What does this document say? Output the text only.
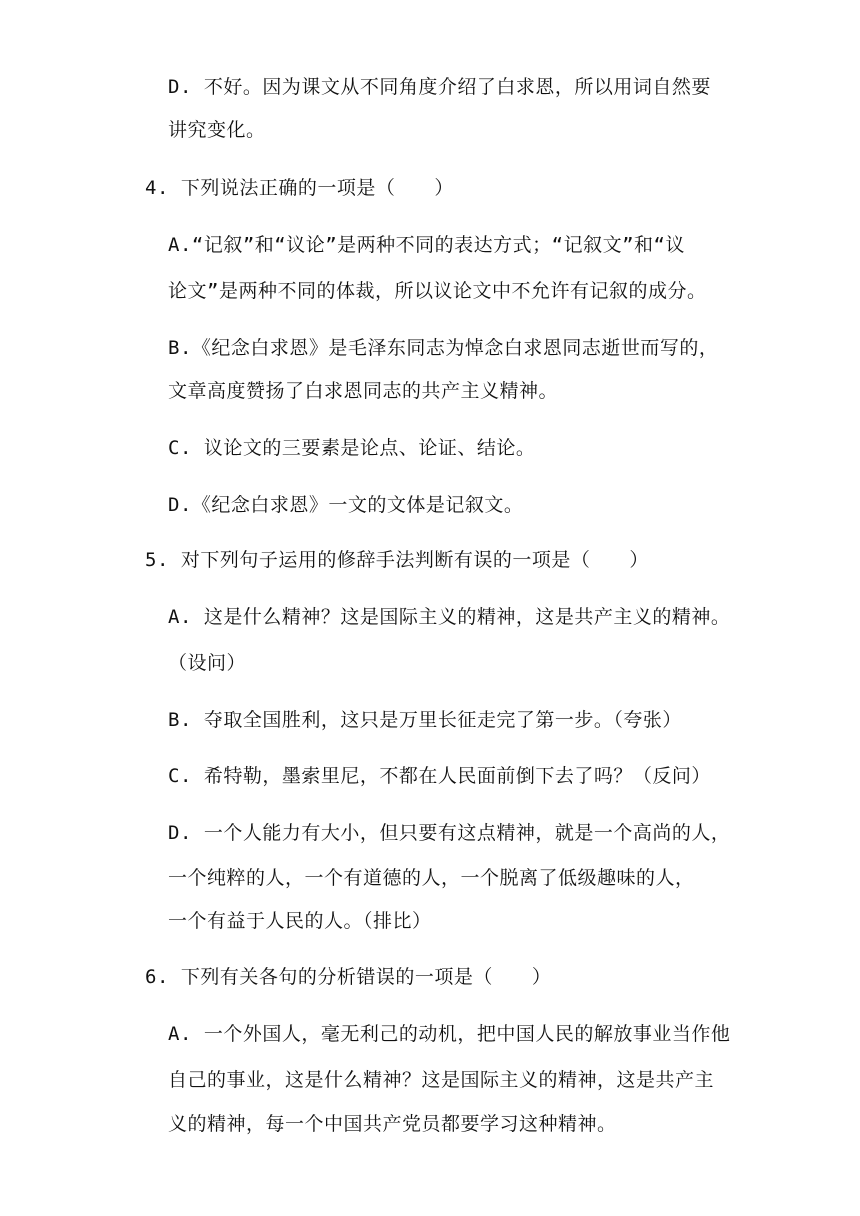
D. 不好。因为课文从不同角度介绍了白求恩，所以用词自然要
讲究变化。
4. 下列说法正确的一项是（　　）
A.“记叙”和“议论”是两种不同的表达方式；“记叙文”和“议
论文”是两种不同的体裁，所以议论文中不允许有记叙的成分。
B.《纪念白求恩》是毛泽东同志为悼念白求恩同志逝世而写的，
文章高度赞扬了白求恩同志的共产主义精神。
C. 议论文的三要素是论点、论证、结论。
D.《纪念白求恩》一文的文体是记叙文。
5. 对下列句子运用的修辞手法判断有误的一项是（　　）
A. 这是什么精神？这是国际主义的精神，这是共产主义的精神。
（设问）
B. 夺取全国胜利，这只是万里长征走完了第一步。（夸张）
C. 希特勒，墨索里尼，不都在人民面前倒下去了吗？（反问）
D. 一个人能力有大小，但只要有这点精神，就是一个高尚的人，
一个纯粹的人，一个有道德的人，一个脱离了低级趣味的人，
一个有益于人民的人。（排比）
6. 下列有关各句的分析错误的一项是（　　）
A. 一个外国人，毫无利己的动机，把中国人民的解放事业当作他
自己的事业，这是什么精神？这是国际主义的精神，这是共产主
义的精神，每一个中国共产党员都要学习这种精神。
